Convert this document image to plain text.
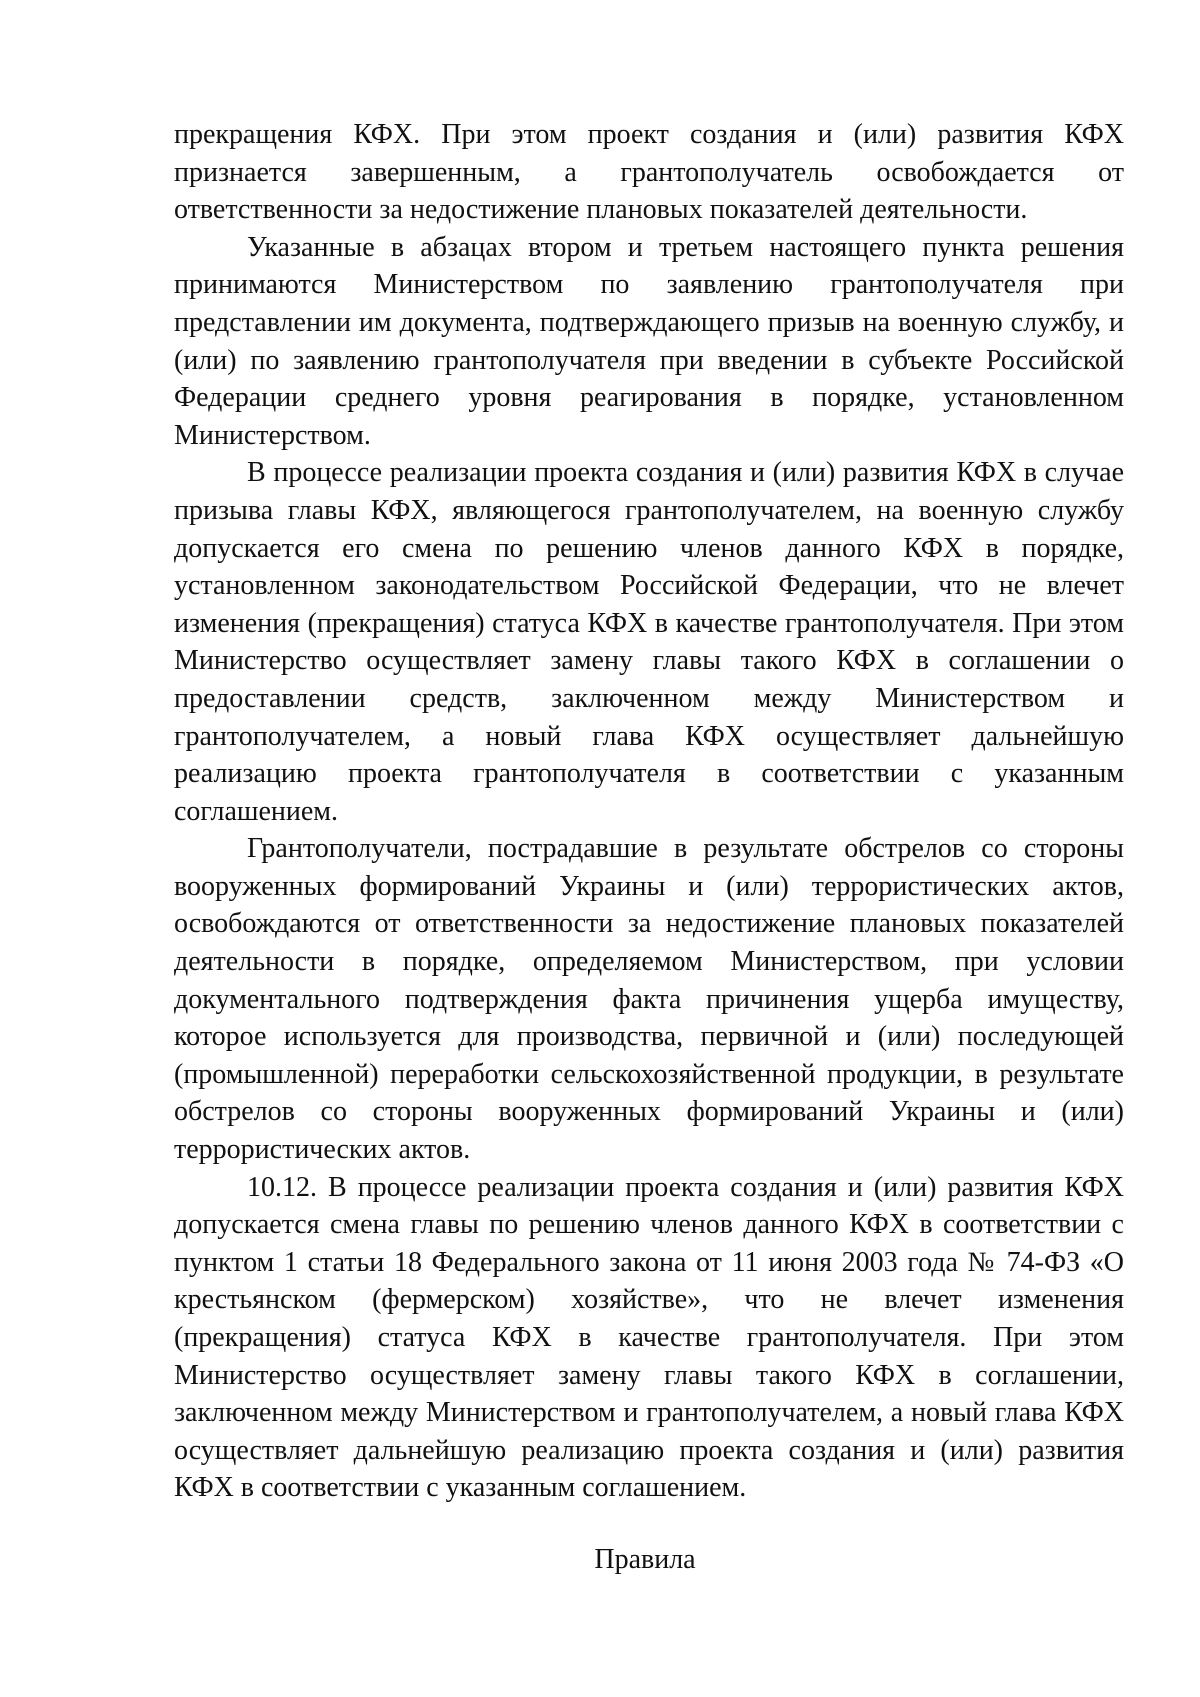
прекращения КФХ. При этом проект создания и (или) развития КФХ признается завершенным, а грантополучатель освобождается от ответственности за недостижение плановых показателей деятельности.

Указанные в абзацах втором и третьем настоящего пункта решения принимаются Министерством по заявлению грантополучателя при представлении им документа, подтверждающего призыв на военную службу, и (или) по заявлению грантополучателя при введении в субъекте Российской Федерации среднего уровня реагирования в порядке, установленном Министерством.

В процессе реализации проекта создания и (или) развития КФХ в случае призыва главы КФХ, являющегося грантополучателем, на военную службу допускается его смена по решению членов данного КФХ в порядке, установленном законодательством Российской Федерации, что не влечет изменения (прекращения) статуса КФХ в качестве грантополучателя. При этом Министерство осуществляет замену главы такого КФХ в соглашении о предоставлении средств, заключенном между Министерством и грантополучателем, а новый глава КФХ осуществляет дальнейшую реализацию проекта грантополучателя в соответствии с указанным соглашением.

Грантополучатели, пострадавшие в результате обстрелов со стороны вооруженных формирований Украины и (или) террористических актов, освобождаются от ответственности за недостижение плановых показателей деятельности в порядке, определяемом Министерством, при условии документального подтверждения факта причинения ущерба имуществу, которое используется для производства, первичной и (или) последующей (промышленной) переработки сельскохозяйственной продукции, в результате обстрелов со стороны вооруженных формирований Украины и (или) террористических актов.

10.12. В процессе реализации проекта создания и (или) развития КФХ допускается смена главы по решению членов данного КФХ в соответствии с пунктом 1 статьи 18 Федерального закона от 11 июня 2003 года № 74-ФЗ «О крестьянском (фермерском) хозяйстве», что не влечет изменения (прекращения) статуса КФХ в качестве грантополучателя. При этом Министерство осуществляет замену главы такого КФХ в соглашении, заключенном между Министерством и грантополучателем, а новый глава КФХ осуществляет дальнейшую реализацию проекта создания и (или) развития КФХ в соответствии с указанным соглашением.

Правила
